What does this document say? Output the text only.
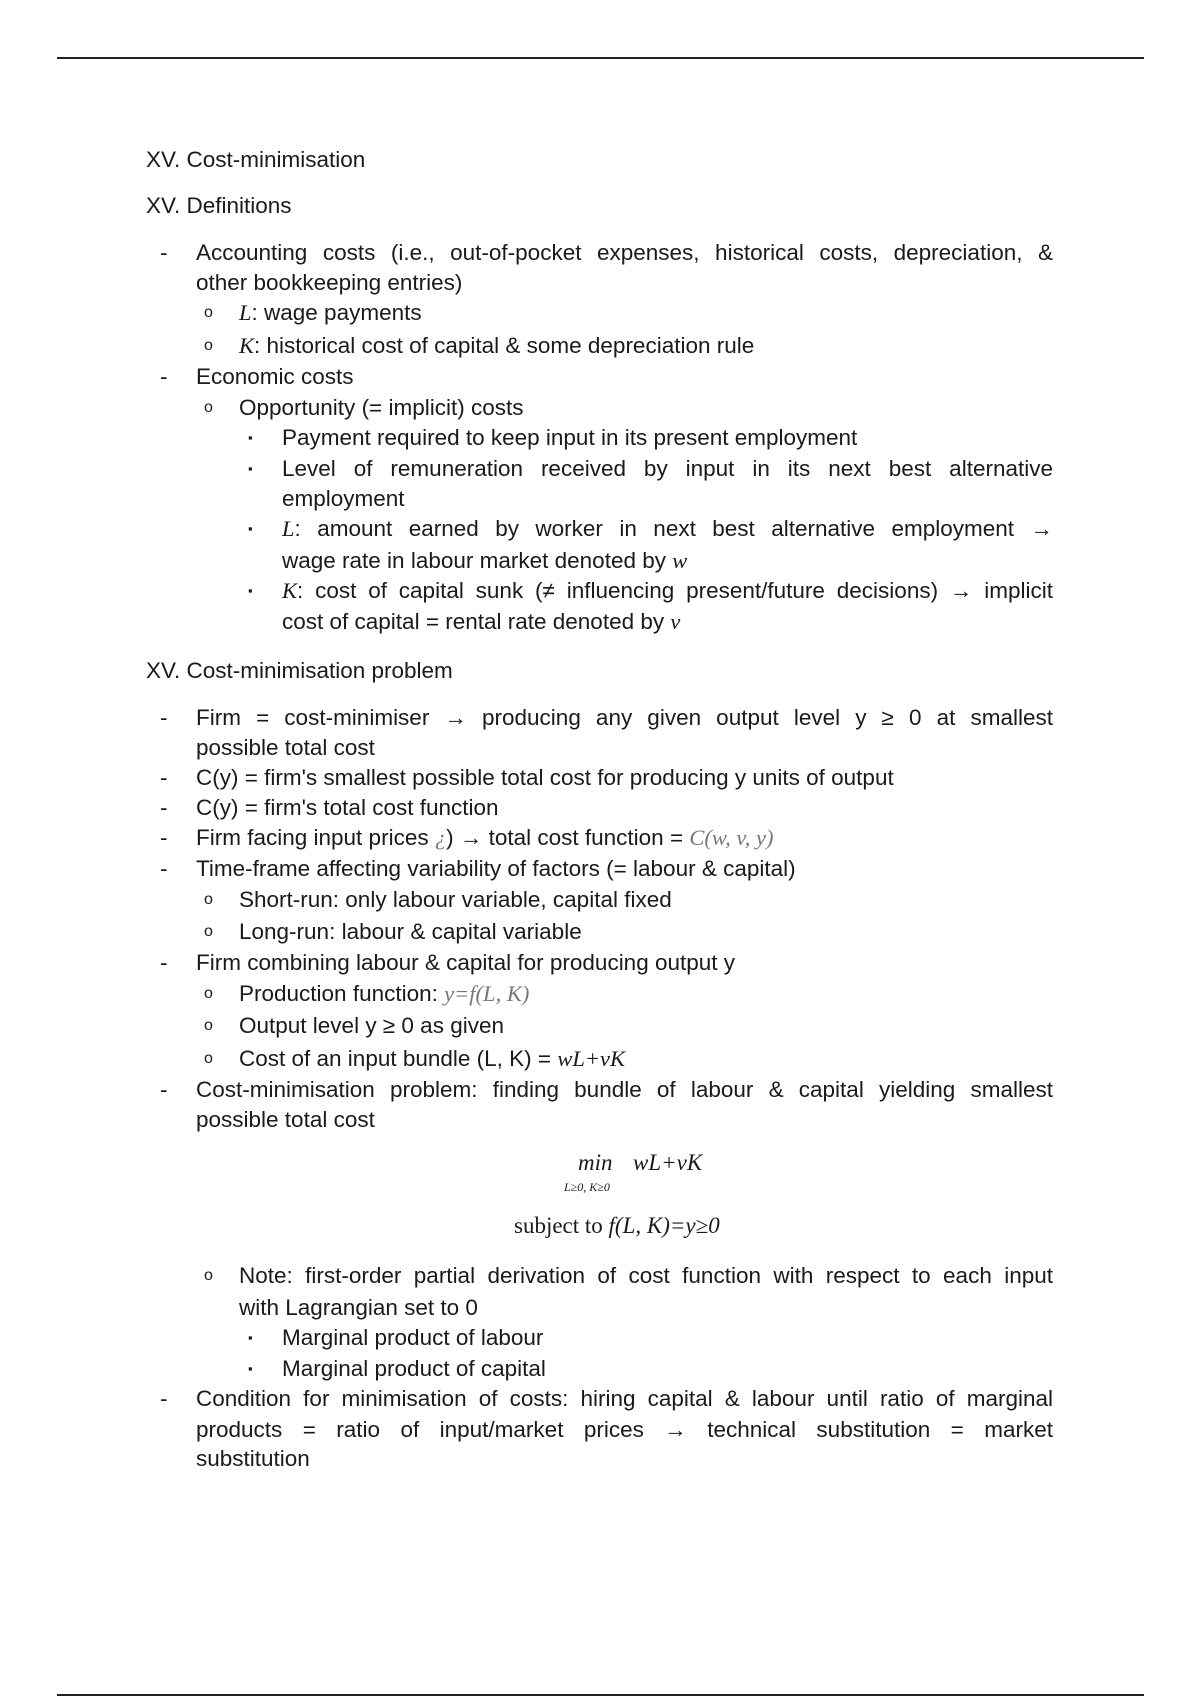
XV. Cost-minimisation
XV. Definitions
- Accounting costs (i.e., out-of-pocket expenses, historical costs, depreciation, &
other bookkeeping entries)
o L: wage payments
o K: historical cost of capital & some depreciation rule
- Economic costs
o Opportunity (= implicit) costs
▪ Payment required to keep input in its present employment
▪ Level of remuneration received by input in its next best alternative
employment
▪ L: amount earned by worker in next best alternative employment →
wage rate in labour market denoted by w
▪ K: cost of capital sunk (≠ influencing present/future decisions) → implicit
cost of capital = rental rate denoted by v
XV. Cost-minimisation problem
- Firm = cost-minimiser → producing any given output level y ≥ 0 at smallest
possible total cost
- C(y) = firm's smallest possible total cost for producing y units of output
- C(y) = firm's total cost function
- Firm facing input prices ¿) → total cost function = C(w, v, y)
- Time-frame affecting variability of factors (= labour & capital)
o Short-run: only labour variable, capital fixed
o Long-run: labour & capital variable
- Firm combining labour & capital for producing output y
o Production function: y=f(L, K)
o Output level y ≥ 0 as given
o Cost of an input bundle (L, K) = wL+vK
- Cost-minimisation problem: finding bundle of labour & capital yielding smallest
possible total cost
min
L≥0, K≥0
wL+vK
subject to f(L, K)=y≥0
o Note: first-order partial derivation of cost function with respect to each input
with Lagrangian set to 0
▪ Marginal product of labour
▪ Marginal product of capital
- Condition for minimisation of costs: hiring capital & labour until ratio of marginal
products = ratio of input/market prices → technical substitution = market
substitution
